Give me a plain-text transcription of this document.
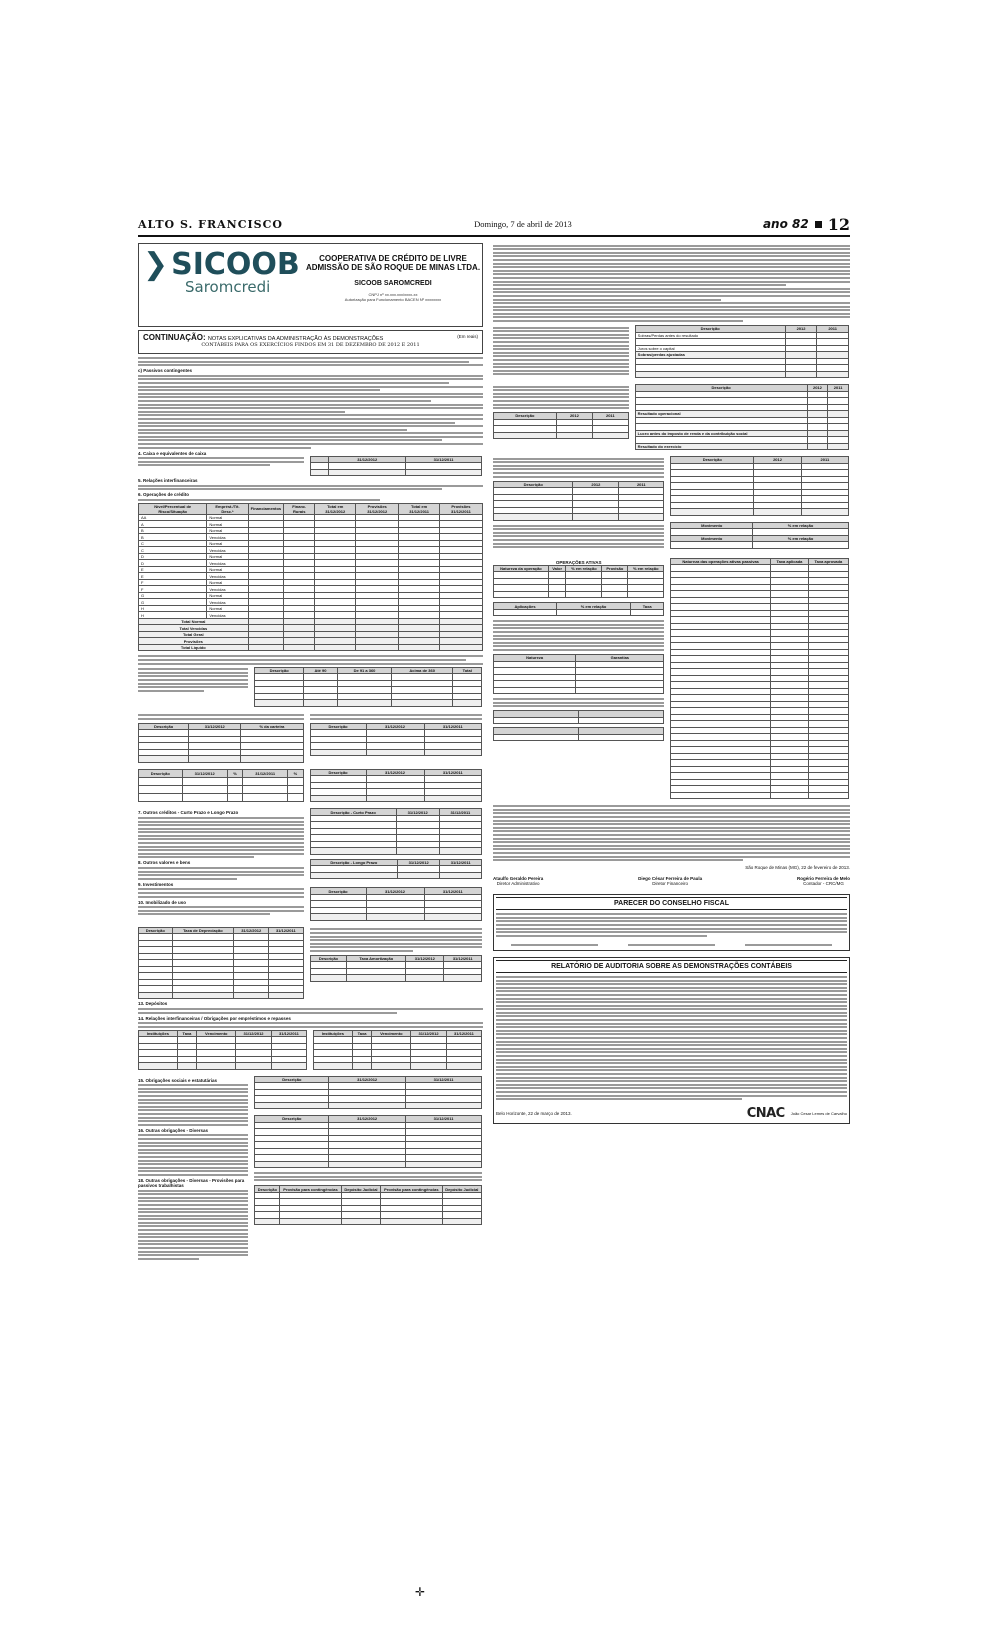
ALTO S. FRANCISCO	Domingo, 7 de abril de 2013	ano 82 12
❯ SICOOB
Saromcredi
COOPERATIVA DE CRÉDITO DE LIVRE
ADMISSÃO DE SÃO ROQUE DE MINAS LTDA.
SICOOB SAROMCREDI
CNPJ nº xx.xxx.xxx/xxxx-xx
Autorização para Funcionamento BACEN Nº xxxxxxxx
CONTINUAÇÃO: NOTAS EXPLICATIVAS DA ADMINISTRAÇÃO ÀS DEMONSTRAÇÕES
CONTÁBEIS PARA OS EXERCÍCIOS FINDOS EM 31 DE DEZEMBRO DE 2012 E 2011
(Em reais)
c) Passivos contingentes
4. Caixa e equivalentes de caixa
	31/12/2012	31/12/2011

5. Relações interfinanceiras
6. Operações de crédito
Nível/Percentual de Risco/Situação	Emprést./Tít. Desc.*	Financiamentos	Financ. Rurais	Total em 31/12/2012	Provisões 31/12/2012	Total em 31/12/2011	Provisões 31/12/2011
AA	Normal						
A	Normal						
B	Normal						
B	Vencidas						
C	Normal						
C	Vencidas						
D	Normal						
D	Vencidas						
E	Normal						
E	Vencidas						
F	Normal						
F	Vencidas						
G	Normal						
G	Vencidas						
H	Normal						
H	Vencidas						
Total Normal							
Total Vencidas							
Total Geral							
Provisões							
Total Líquido							
Descrição	Até 90	De 91 a 360	Acima de 360	Total

Descrição	31/12/2012	% da carteira

			Descrição	31/12/2012	31/12/2011

Descrição	31/12/2012	%	31/12/2011	%

					Descrição	31/12/2012	31/12/2011

7. Outros créditos - Curto Prazo e Longo Prazo
8. Outros valores e bens
9. Investimentos
10. Imobilizado de uso
Descrição - Curto Prazo	31/12/2012	31/12/2011

Descrição - Longo Prazo	31/12/2012	31/12/2011

Descrição	31/12/2012	31/12/2011

Descrição	Taxa de Depreciação	31/12/2012	31/12/2011

Descrição	Taxa Amortização	31/12/2012	31/12/2011

13. Depósitos
14. Relações interfinanceiras / Obrigações por empréstimos e repasses
Instituições	Taxa	Vencimento	31/12/2012	31/12/2011

					Instituições	Taxa	Vencimento	31/12/2012	31/12/2011

15. Obrigações sociais e estatutárias
16. Outras obrigações - Diversas
18. Outras obrigações - Diversas - Provisões para passivos trabalhistas
Descrição	31/12/2012	31/12/2011

Descrição	31/12/2012	31/12/2011

Descrição	Provisão para contingências	Depósito Judicial	Provisão para contingências	Depósito Judicial

Descrição	2012	2011
Sobras/Perdas antes do resultado		

Juros sobre o capital		
Sobras/perdas ajustadas		

Descrição	2012	2011

Descrição	2012	2011

Resultado operacional		

Lucro antes do imposto de renda e da contribuição social		

Resultado do exercício		
Descrição	2012	2011

Descrição	2012	2011

Movimento	% em relação

Movimento	% em relação

OPERAÇÕES ATIVAS
Natureza da operação	Valor	% em relação	Provisão	% em relação

Aplicações	% em relação	Taxa

Natureza	Garantias

Natureza das operações ativas passivas	Taxa aplicada	Taxa aprovada

São Roque de Minas (MG), 22 de fevereiro de 2013.
Ataulfo Geraldo Pereira
Diretor Administrativo
Diego César Ferreira de Paula
Diretor Financeiro
Rogério Ferreira de Melo
Contador - CRC/MG
PARECER DO CONSELHO FISCAL
RELATÓRIO DE AUDITORIA SOBRE AS DEMONSTRAÇÕES CONTÁBEIS
Belo Horizonte, 22 de março de 2013.	CNAC João Cesar Lemes de Carvalho
✛
